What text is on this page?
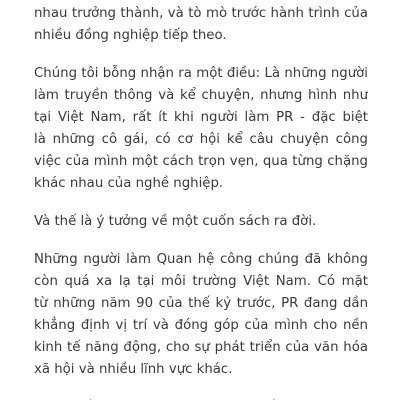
nhau trưởng thành, và tò mò trước hành trình của
nhiều đồng nghiệp tiếp theo.
Chúng tôi bỗng nhận ra một điều: Là những người
làm truyền thông và kể chuyện, nhưng hình như
tại Việt Nam, rất ít khi người làm PR - đặc biệt
là những cô gái, có cơ hội kể câu chuyện công
việc của mình một cách trọn vẹn, qua từng chặng
khác nhau của nghề nghiệp.
Và thế là ý tưởng về một cuốn sách ra đời.
Những người làm Quan hệ công chúng đã không
còn quá xa lạ tại môi trường Việt Nam. Có mặt
từ những năm 90 của thế kỷ trước, PR đang dần
khẳng định vị trí và đóng góp của mình cho nền
kinh tế năng động, cho sự phát triển của văn hóa
xã hội và nhiều lĩnh vực khác.
